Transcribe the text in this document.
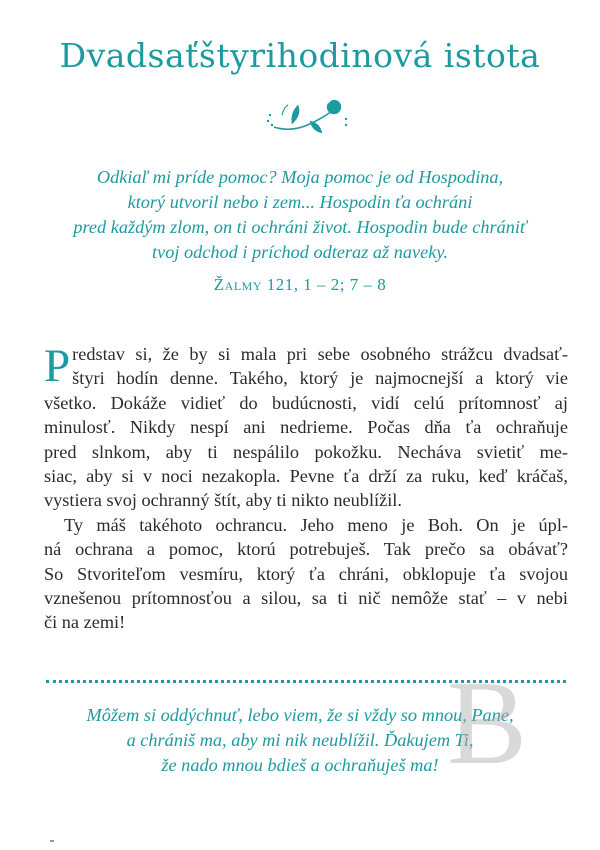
Dvadsaťštyrihodinová istota
Odkiaľ mi príde pomoc? Moja pomoc je od Hospodina,
ktorý utvoril nebo i zem... Hospodin ťa ochráni
pred každým zlom, on ti ochráni život. Hospodin bude chrániť
tvoj odchod i príchod odteraz až naveky.
Žalmy 121, 1 – 2; 7 – 8
P redstav si, že by si mala pri sebe osobného strážcu dvadsať-
štyri hodín denne. Takého, ktorý je najmocnejší a ktorý vie
všetko. Dokáže vidieť do budúcnosti, vidí celú prítomnosť aj
minulosť. Nikdy nespí ani nedrieme. Počas dňa ťa ochraňuje
pred slnkom, aby ti nespálilo pokožku. Necháva svietiť me-
siac, aby si v noci nezakopla. Pevne ťa drží za ruku, keď kráčaš,
vystiera svoj ochranný štít, aby ti nikto neublížil.
Ty máš takéhoto ochrancu. Jeho meno je Boh. On je úpl-
ná ochrana a pomoc, ktorú potrebuješ. Tak prečo sa obávať?
So Stvoriteľom vesmíru, ktorý ťa chráni, obklopuje ťa svojou
vznešenou prítomnosťou a silou, sa ti nič nemôže stať – v nebi
či na zemi!
Môžem si oddýchnuť, lebo viem, že si vždy so mnou, Pane,
a chrániš ma, aby mi nik neublížil. Ďakujem Ti,
že nado mnou bdieš a ochraňuješ ma! B
